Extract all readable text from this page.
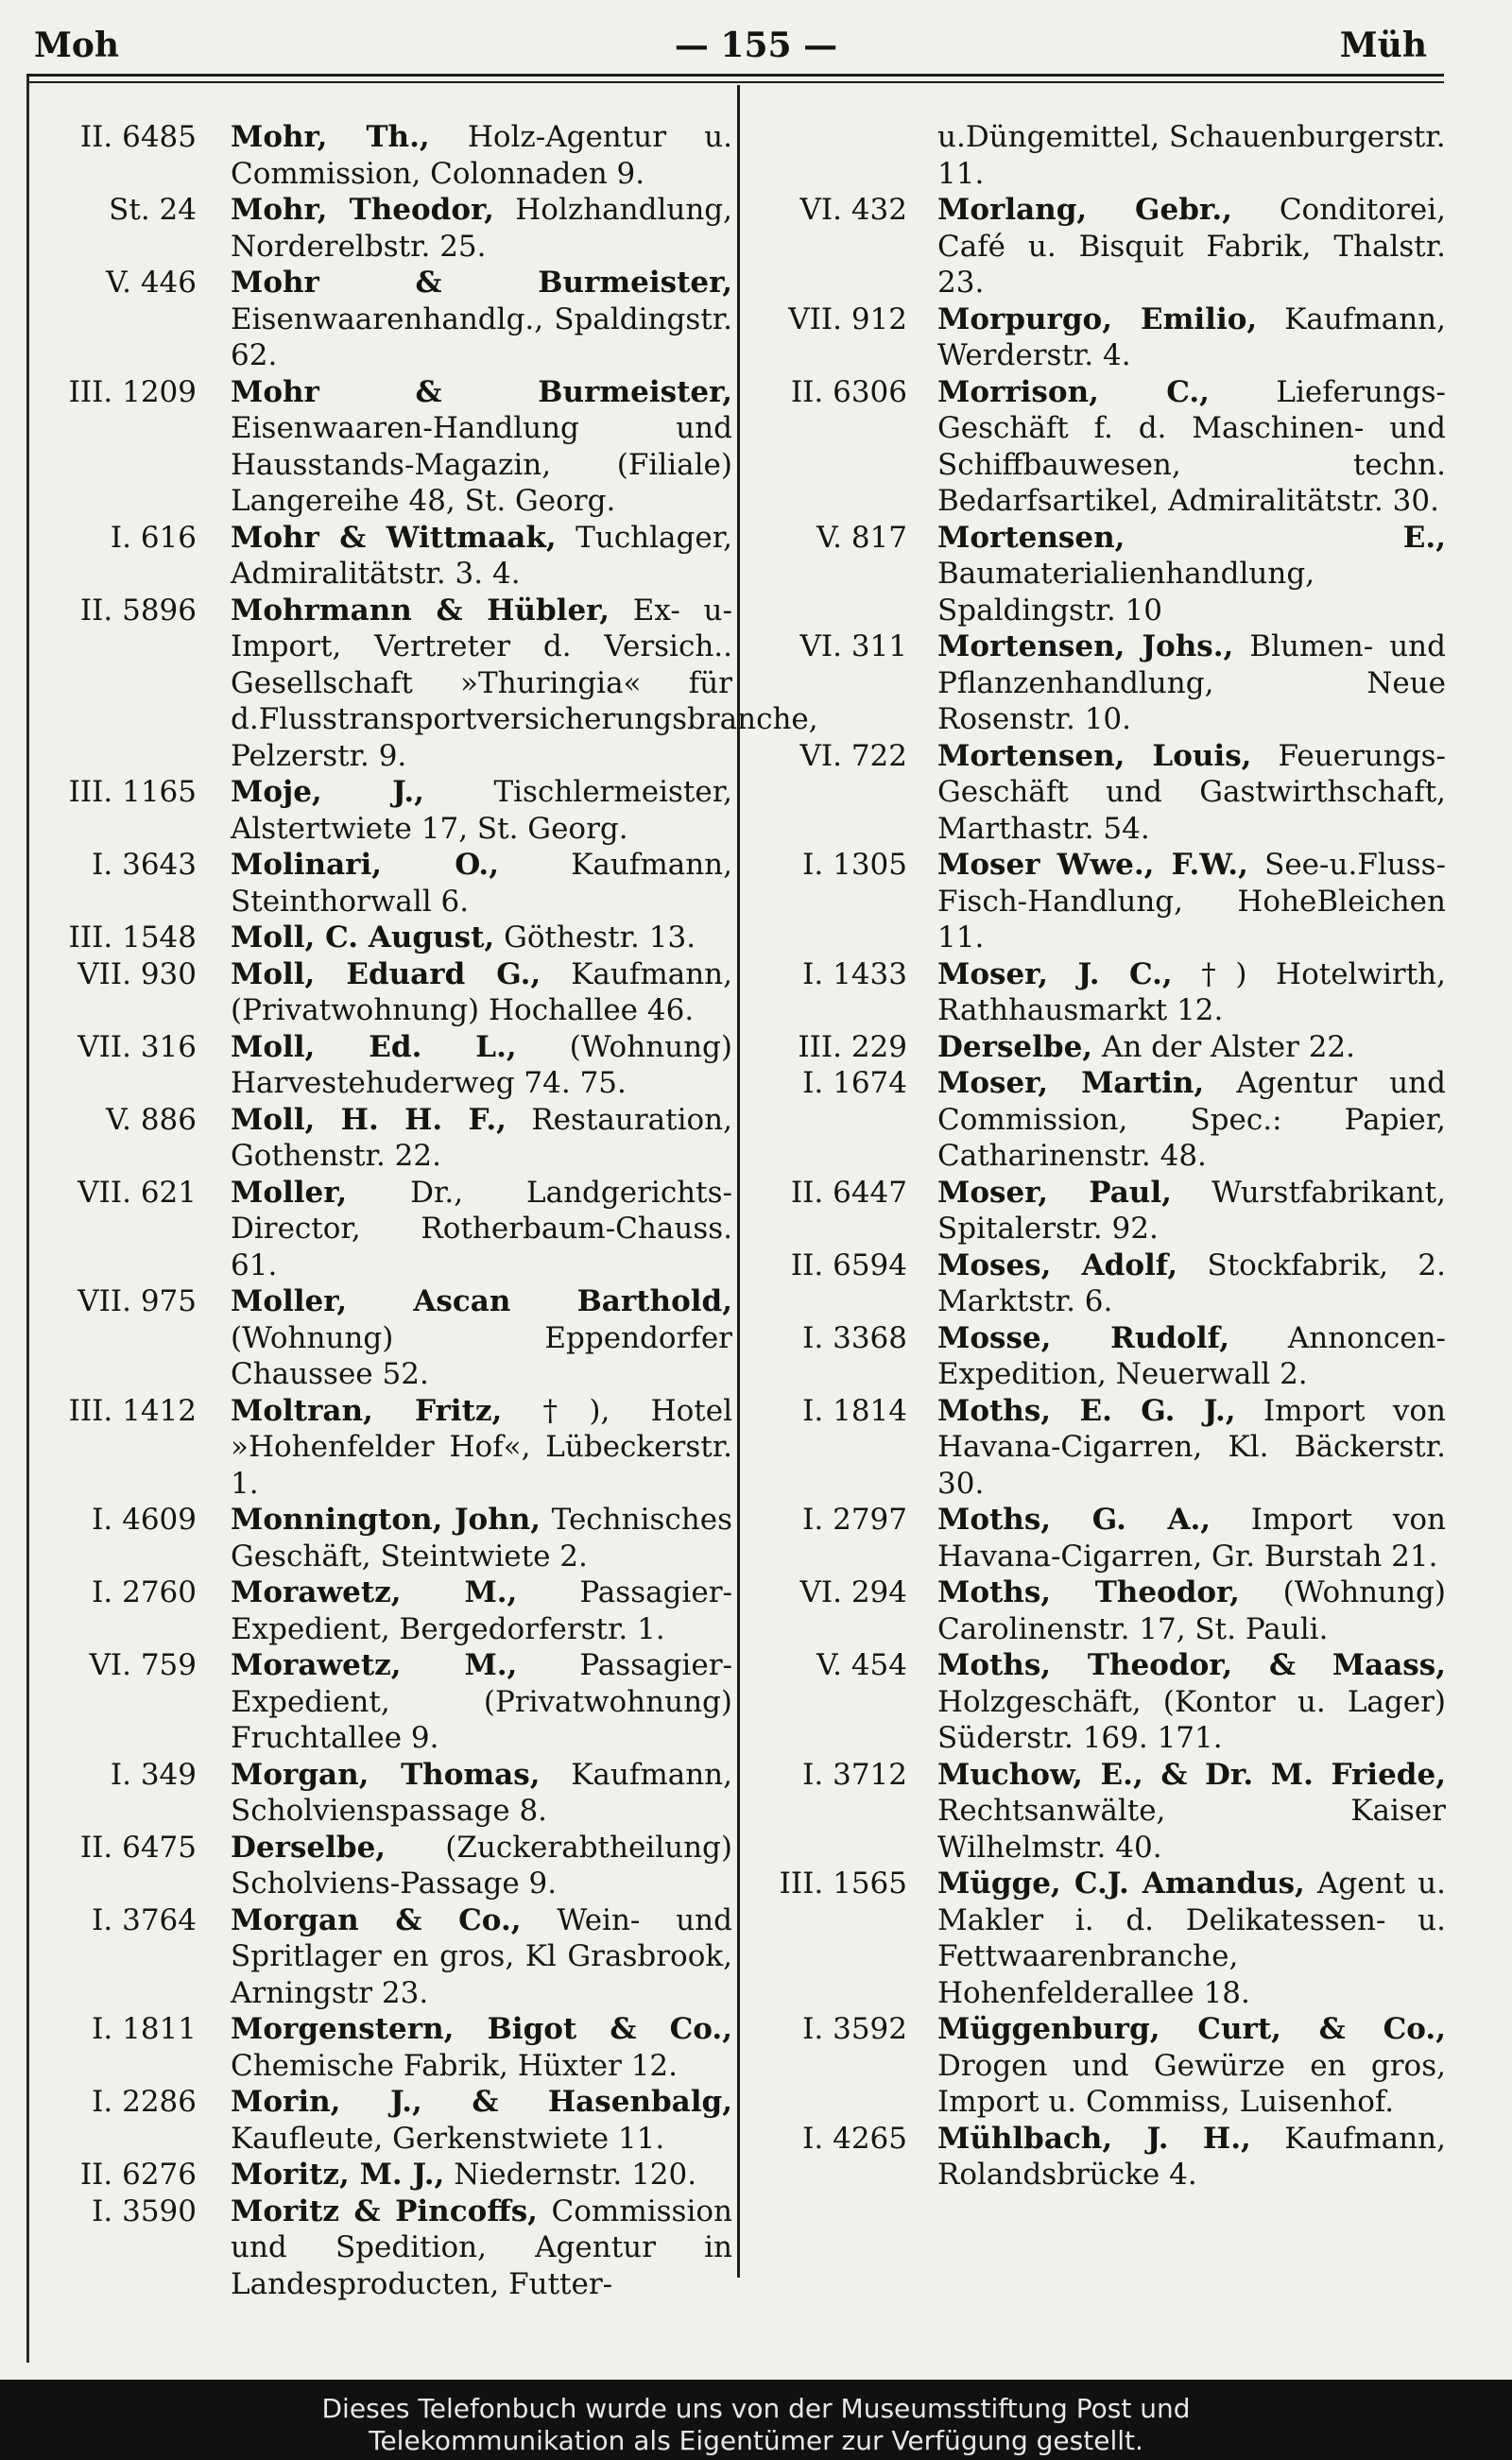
Moh	— 155 —	Müh
II. 6485 Mohr, Th., Holz-Agentur u. Commission, Colonnaden 9.
St. 24 Mohr, Theodor, Holzhandlung, Norderelbstr. 25.
V. 446 Mohr & Burmeister, Eisenwaarenhandlg., Spaldingstr. 62.
III. 1209 Mohr & Burmeister, Eisenwaaren-Handlung und Hausstands-Magazin, (Filiale) Langereihe 48, St. Georg.
I. 616 Mohr & Wittmaak, Tuchlager, Admiralitätstr. 3. 4.
II. 5896 Mohrmann & Hübler, Ex- u- Import, Vertreter d. Versich.. Gesellschaft »Thuringia« für d.Flusstransportversicherungsbranche, Pelzerstr. 9.
III. 1165 Moje, J., Tischlermeister, Alstertwiete 17, St. Georg.
I. 3643 Molinari, O., Kaufmann, Steinthorwall 6.
III. 1548 Moll, C. August, Göthestr. 13.
VII. 930 Moll, Eduard G., Kaufmann, (Privatwohnung) Hochallee 46.
VII. 316 Moll, Ed. L., (Wohnung) Harvestehuderweg 74. 75.
V. 886 Moll, H. H. F., Restauration, Gothenstr. 22.
VII. 621 Moller, Dr., Landgerichts-Director, Rotherbaum-Chauss. 61.
VII. 975 Moller, Ascan Barthold, (Wohnung) Eppendorfer Chaussee 52.
III. 1412 Moltran, Fritz, †), Hotel »Hohenfelder Hof«, Lübeckerstr. 1.
I. 4609 Monnington, John, Technisches Geschäft, Steintwiete 2.
I. 2760 Morawetz, M., Passagier-Expedient, Bergedorferstr. 1.
VI. 759 Morawetz, M., Passagier-Expedient, (Privatwohnung) Fruchtallee 9.
I. 349 Morgan, Thomas, Kaufmann, Scholvienspassage 8.
II. 6475 Derselbe, (Zuckerabtheilung) Scholviens-Passage 9.
I. 3764 Morgan & Co., Wein- und Spritlager en gros, Kl Grasbrook, Arningstr 23.
I. 1811 Morgenstern, Bigot & Co., Chemische Fabrik, Hüxter 12.
I. 2286 Morin, J., & Hasenbalg, Kaufleute, Gerkenstwiete 11.
II. 6276 Moritz, M. J., Niedernstr. 120.
I. 3590 Moritz & Pincoffs, Commission und Spedition, Agentur in Landesproducten, Futter-
u.Düngemittel, Schauenburgerstr. 11.
VI. 432 Morlang, Gebr., Conditorei, Café u. Bisquit Fabrik, Thalstr. 23.
VII. 912 Morpurgo, Emilio, Kaufmann, Werderstr. 4.
II. 6306 Morrison, C., Lieferungs-Geschäft f. d. Maschinen- und Schiffbauwesen, techn. Bedarfsartikel, Admiralitätstr. 30.
V. 817 Mortensen, E., Baumaterialienhandlung, Spaldingstr. 10
VI. 311 Mortensen, Johs., Blumen- und Pflanzenhandlung, Neue Rosenstr. 10.
VI. 722 Mortensen, Louis, Feuerungs-Geschäft und Gastwirthschaft, Marthastr. 54.
I. 1305 Moser Wwe., F.W., See-u.Fluss-Fisch-Handlung, HoheBleichen 11.
I. 1433 Moser, J. C., †) Hotelwirth, Rathhausmarkt 12.
III. 229 Derselbe, An der Alster 22.
I. 1674 Moser, Martin, Agentur und Commission, Spec.: Papier, Catharinenstr. 48.
II. 6447 Moser, Paul, Wurstfabrikant, Spitalerstr. 92.
II. 6594 Moses, Adolf, Stockfabrik, 2. Marktstr. 6.
I. 3368 Mosse, Rudolf, Annoncen-Expedition, Neuerwall 2.
I. 1814 Moths, E. G. J., Import von Havana-Cigarren, Kl. Bäckerstr. 30.
I. 2797 Moths, G. A., Import von Havana-Cigarren, Gr. Burstah 21.
VI. 294 Moths, Theodor, (Wohnung) Carolinenstr. 17, St. Pauli.
V. 454 Moths, Theodor, & Maass, Holzgeschäft, (Kontor u. Lager) Süderstr. 169. 171.
I. 3712 Muchow, E., & Dr. M. Friede, Rechtsanwälte, Kaiser Wilhelmstr. 40.
III. 1565 Mügge, C.J. Amandus, Agent u. Makler i. d. Delikatessen- u. Fettwaarenbranche, Hohenfelderallee 18.
I. 3592 Müggenburg, Curt, & Co., Drogen und Gewürze en gros, Import u. Commiss, Luisenhof.
I. 4265 Mühlbach, J. H., Kaufmann, Rolandsbrücke 4.
Dieses Telefonbuch wurde uns von der Museumsstiftung Post und
Telekommunikation als Eigentümer zur Verfügung gestellt.
